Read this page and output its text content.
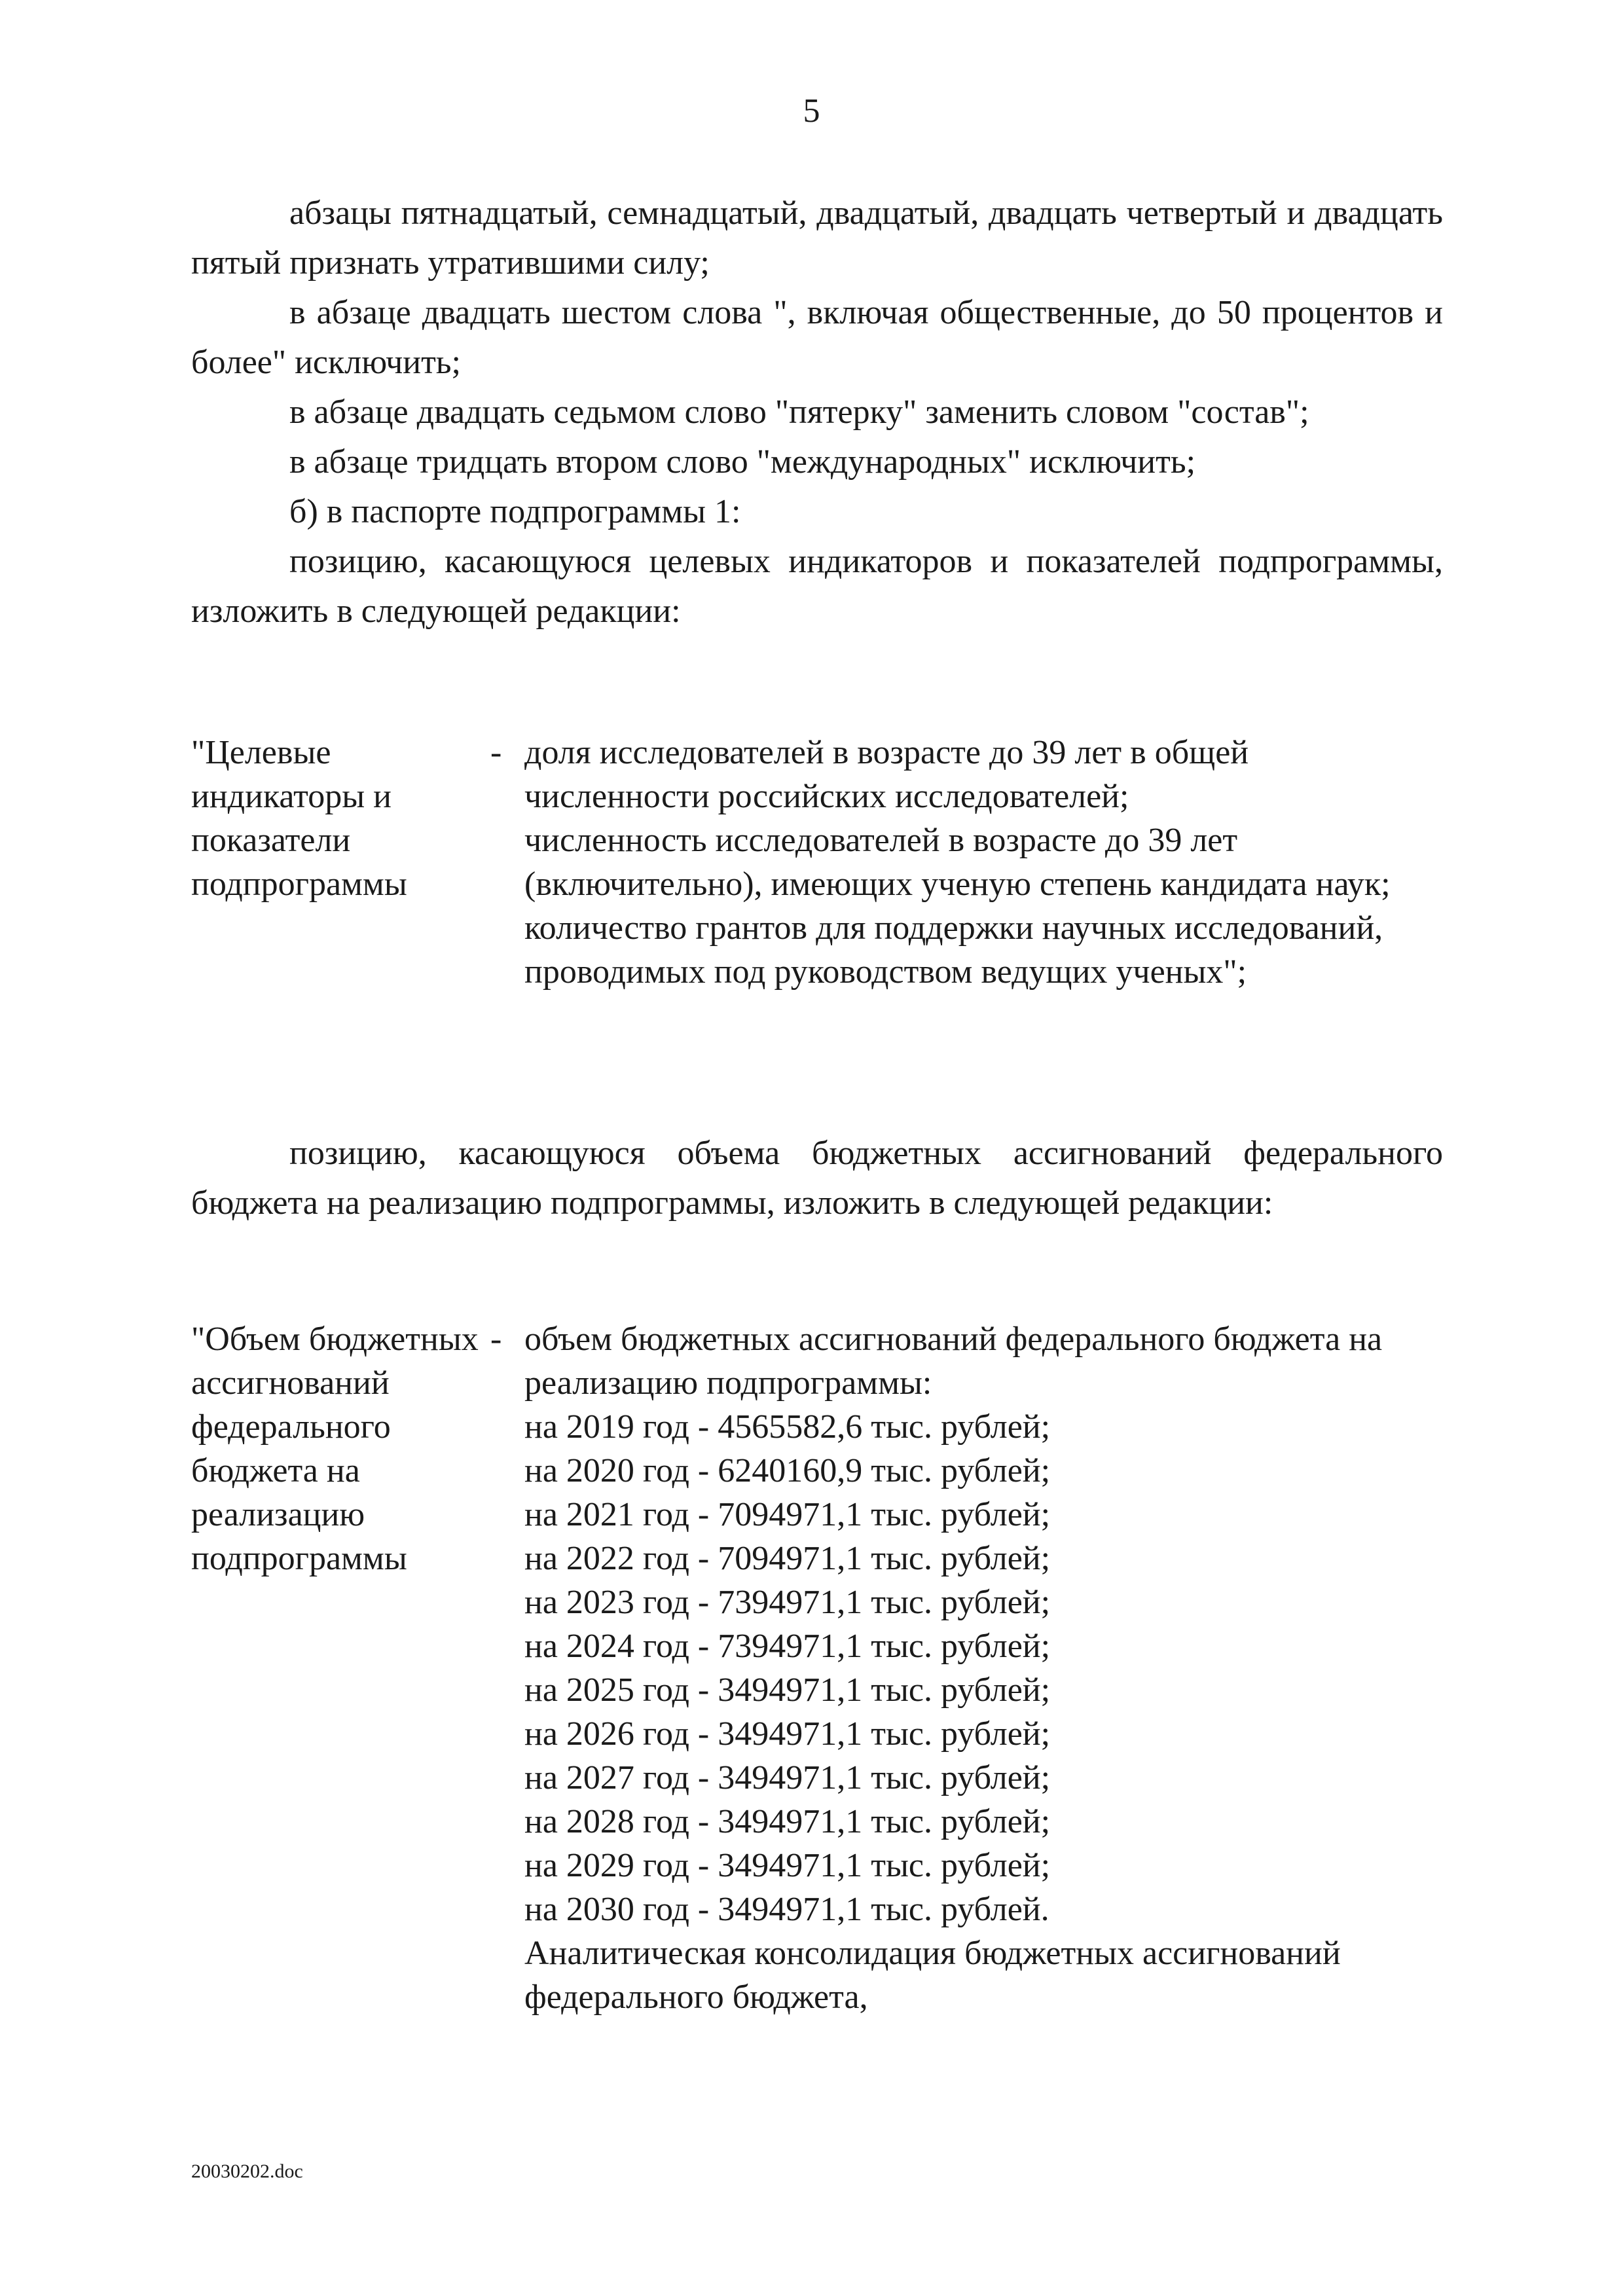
5

абзацы пятнадцатый, семнадцатый, двадцатый, двадцать четвертый и двадцать пятый признать утратившими силу;

в абзаце двадцать шестом слова ", включая общественные, до 50 процентов и более" исключить;

в абзаце двадцать седьмом слово "пятерку" заменить словом "состав";

в абзаце тридцать втором слово "международных" исключить;

б) в паспорте подпрограммы 1:

позицию, касающуюся целевых индикаторов и показателей подпрограммы, изложить в следующей редакции:

"Целевые индикаторы и показатели подпрограммы
- доля исследователей в возрасте до 39 лет в общей численности российских исследователей;

численность исследователей в возрасте до 39 лет (включительно), имеющих ученую степень кандидата наук;

количество грантов для поддержки научных исследований, проводимых под руководством ведущих ученых";

позицию, касающуюся объема бюджетных ассигнований федерального бюджета на реализацию подпрограммы, изложить в следующей редакции:

"Объем бюджетных ассигнований федерального бюджета на реализацию подпрограммы
- объем бюджетных ассигнований федерального бюджета на реализацию подпрограммы:

на 2019 год - 4565582,6 тыс. рублей;

на 2020 год - 6240160,9 тыс. рублей;

на 2021 год - 7094971,1 тыс. рублей;

на 2022 год - 7094971,1 тыс. рублей;

на 2023 год - 7394971,1 тыс. рублей;

на 2024 год - 7394971,1 тыс. рублей;

на 2025 год - 3494971,1 тыс. рублей;

на 2026 год - 3494971,1 тыс. рублей;

на 2027 год - 3494971,1 тыс. рублей;

на 2028 год - 3494971,1 тыс. рублей;

на 2029 год - 3494971,1 тыс. рублей;

на 2030 год - 3494971,1 тыс. рублей.

Аналитическая консолидация бюджетных ассигнований федерального бюджета,

20030202.doc
